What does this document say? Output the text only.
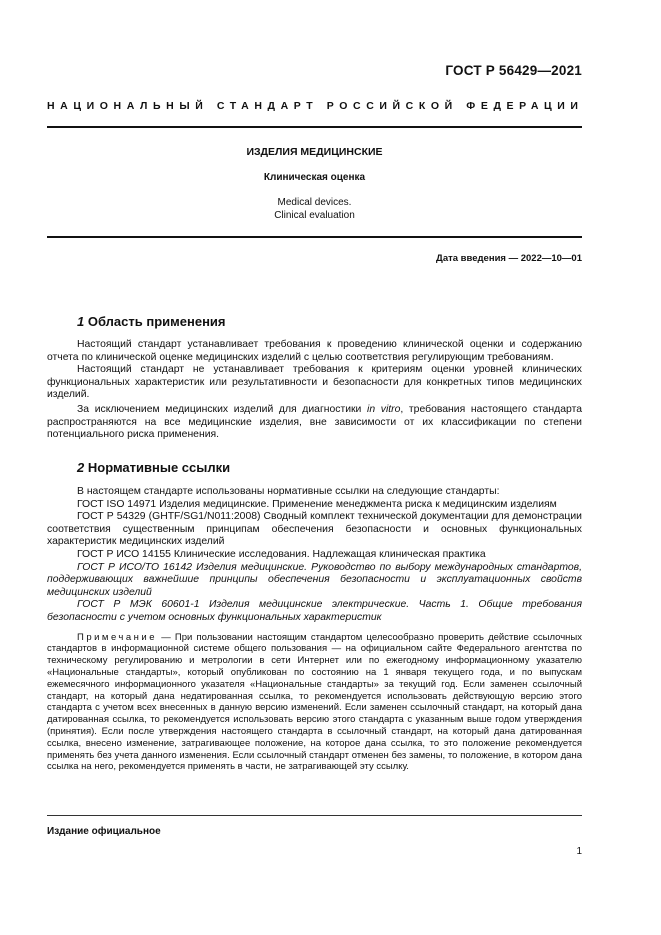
ГОСТ Р 56429—2021
НАЦИОНАЛЬНЫЙ СТАНДАРТ РОССИЙСКОЙ ФЕДЕРАЦИИ
ИЗДЕЛИЯ МЕДИЦИНСКИЕ
Клиническая оценка
Medical devices.
Clinical evaluation
Дата введения — 2022—10—01
1 Область применения

Настоящий стандарт устанавливает требования к проведению клинической оценки и содержанию отчета по клинической оценке медицинских изделий с целью соответствия регулирующим требованиям.

Настоящий стандарт не устанавливает требования к критериям оценки уровней клинических функциональных характеристик или результативности и безопасности для конкретных типов медицинских изделий.

За исключением медицинских изделий для диагностики in vitro, требования настоящего стандарта распространяются на все медицинские изделия, вне зависимости от их классификации по степени потенциального риска применения.

2 Нормативные ссылки

В настоящем стандарте использованы нормативные ссылки на следующие стандарты:

ГОСТ ISO 14971 Изделия медицинские. Применение менеджмента риска к медицинским изделиям

ГОСТ Р 54329 (GHTF/SG1/N011:2008) Сводный комплект технической документации для демонстрации соответствия существенным принципам обеспечения безопасности и основных функциональных характеристик медицинских изделий

ГОСТ Р ИСО 14155 Клинические исследования. Надлежащая клиническая практика

ГОСТ Р ИСО/ТО 16142 Изделия медицинские. Руководство по выбору международных стандартов, поддерживающих важнейшие принципы обеспечения безопасности и эксплуатационных свойств медицинских изделий

ГОСТ Р МЭК 60601-1 Изделия медицинские электрические. Часть 1. Общие требования безопасности с учетом основных функциональных характеристик

Примечание — При пользовании настоящим стандартом целесообразно проверить действие ссылочных стандартов в информационной системе общего пользования — на официальном сайте Федерального агентства по техническому регулированию и метрологии в сети Интернет или по ежегодному информационному указателю «Национальные стандарты», который опубликован по состоянию на 1 января текущего года, и по выпускам ежемесячного информационного указателя «Национальные стандарты» за текущий год. Если заменен ссылочный стандарт, на который дана недатированная ссылка, то рекомендуется использовать действующую версию этого стандарта с учетом всех внесенных в данную версию изменений. Если заменен ссылочный стандарт, на который дана датированная ссылка, то рекомендуется использовать версию этого стандарта с указанным выше годом утверждения (принятия). Если после утверждения настоящего стандарта в ссылочный стандарт, на который дана датированная ссылка, внесено изменение, затрагивающее положение, на которое дана ссылка, то это положение рекомендуется применять без учета данного изменения. Если ссылочный стандарт отменен без замены, то положение, в котором дана ссылка на него, рекомендуется применять в части, не затрагивающей эту ссылку.

Издание официальное
1
